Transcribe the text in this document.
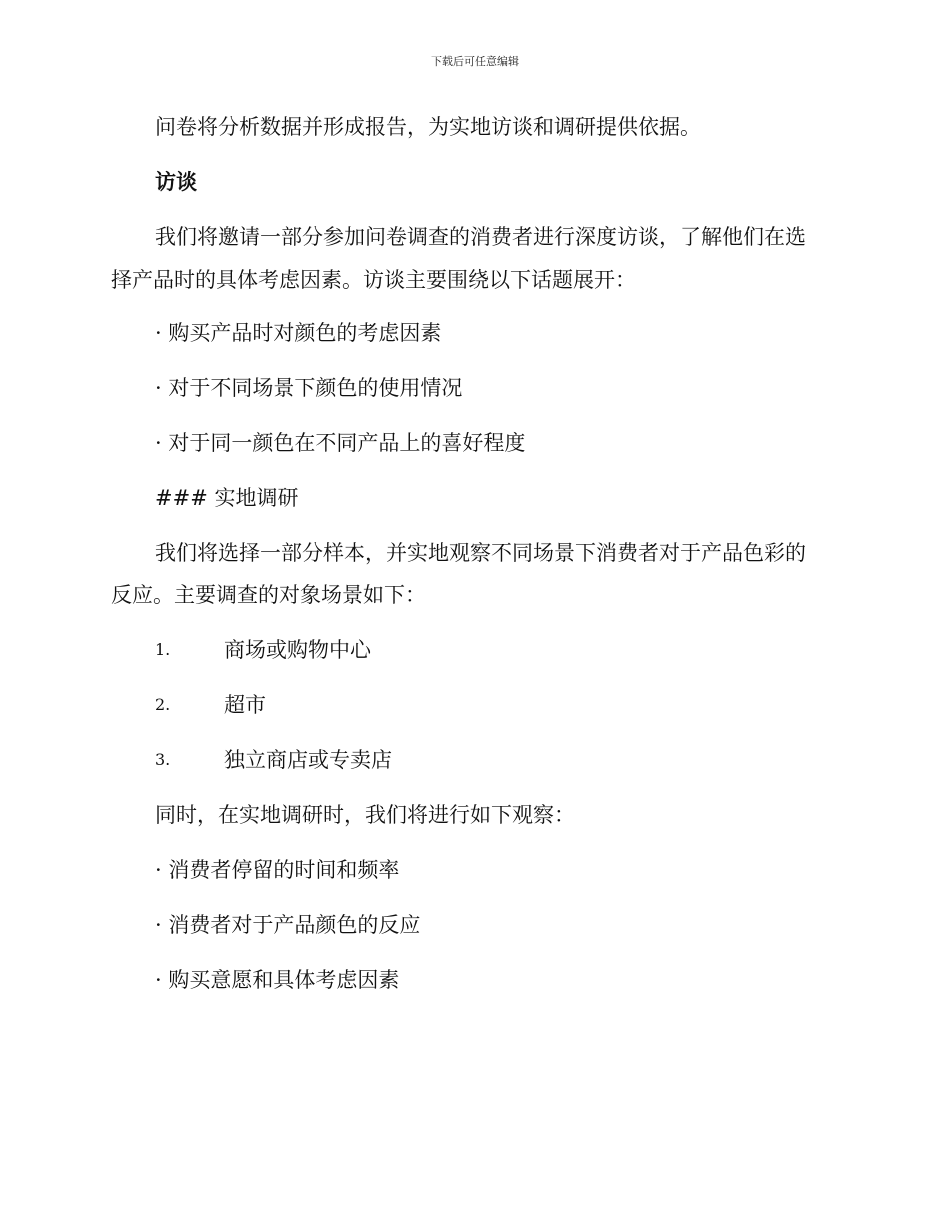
下载后可任意编辑
问卷将分析数据并形成报告，为实地访谈和调研提供依据。
访谈
我们将邀请一部分参加问卷调查的消费者进行深度访谈，了解他们在选
择产品时的具体考虑因素。访谈主要围绕以下话题展开：
· 购买产品时对颜色的考虑因素
· 对于不同场景下颜色的使用情况
· 对于同一颜色在不同产品上的喜好程度
### 实地调研
我们将选择一部分样本，并实地观察不同场景下消费者对于产品色彩的
反应。主要调查的对象场景如下：
1.	商场或购物中心
2.	超市
3.	独立商店或专卖店
同时，在实地调研时，我们将进行如下观察：
· 消费者停留的时间和频率
· 消费者对于产品颜色的反应
· 购买意愿和具体考虑因素
